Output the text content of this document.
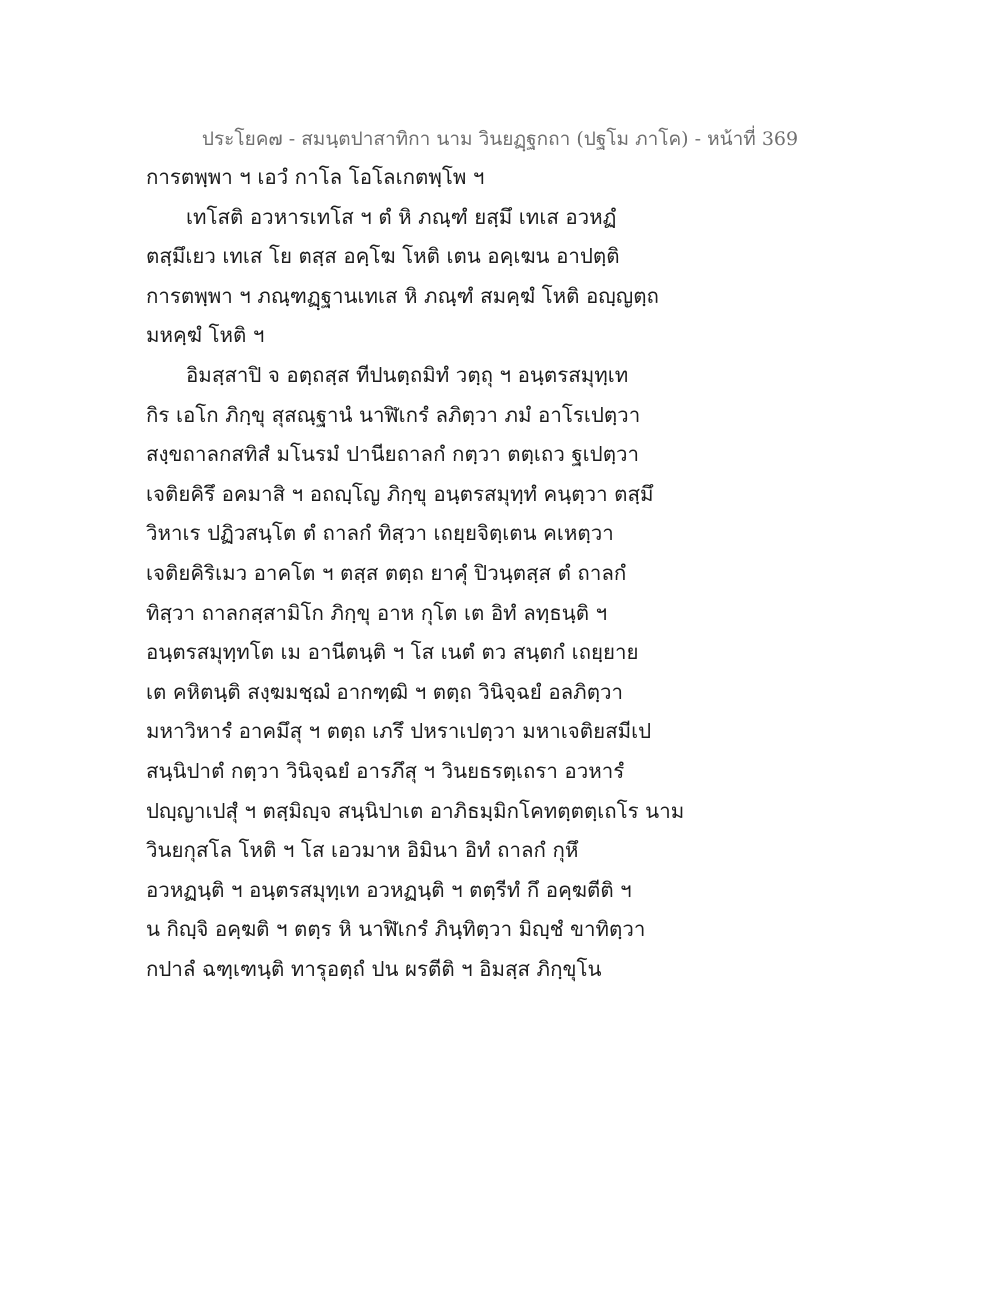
ประโยค๗ - สมนฺตปาสาทิกา นาม วินยฏฺฐกถา (ปฐโม ภาโค) - หน้าที่ 369
การตพฺพา ฯ เอวํ กาโล โอโลเกตพฺโพ ฯ
เทโสติ อวหารเทโส ฯ ตํ หิ ภณฺฑํ ยสฺมึ เทเส อวหฏํ
ตสฺมึเยว เทเส โย ตสฺส อคฺโฆ โหติ เตน อคฺเฆน อาปตฺติ
การตพฺพา ฯ ภณฺฑฏฺฐานเทเส หิ ภณฺฑํ สมคฺฆํ โหติ อญฺญตฺถ
มหคฺฆํ โหติ ฯ
อิมสฺสาปิ จ อตฺถสฺส ทีปนตฺถมิทํ วตฺถุ ฯ อนฺตรสมุทฺเท
กิร เอโก ภิกฺขุ สุสณฺฐานํ นาฬิเกรํ ลภิตฺวา ภมํ อาโรเปตฺวา
สงฺขถาลกสทิสํ มโนรมํ ปานียถาลกํ กตฺวา ตตฺเถว ฐเปตฺวา
เจติยคิรึ อคมาสิ ฯ อถญฺโญ ภิกฺขุ อนฺตรสมุทฺทํ คนฺตฺวา ตสฺมึ
วิหาเร ปฏิวสนฺโต ตํ ถาลกํ ทิสฺวา เถยฺยจิตฺเตน คเหตฺวา
เจติยคิริเมว อาคโต ฯ ตสฺส ตตฺถ ยาคุํ ปิวนฺตสฺส ตํ ถาลกํ
ทิสฺวา ถาลกสฺสามิโก ภิกฺขุ อาห กุโต เต อิทํ ลทฺธนฺติ ฯ
อนฺตรสมุทฺทโต เม อานีตนฺติ ฯ โส เนตํ ตว สนฺตกํ เถยฺยาย
เต คหิตนฺติ สงฺฆมชฺฌํ อากฑฺฒิ ฯ ตตฺถ วินิจฺฉยํ อลภิตฺวา
มหาวิหารํ อาคมึสุ ฯ ตตฺถ เภรึ ปหราเปตฺวา มหาเจติยสมีเป
สนฺนิปาตํ กตฺวา วินิจฺฉยํ อารภึสุ ฯ วินยธรตฺเถรา อวหารํ
ปญฺญาเปสุํ ฯ ตสฺมิญฺจ สนฺนิปาเต อาภิธมฺมิกโคทตฺตตฺเถโร นาม
วินยกุสโล โหติ ฯ โส เอวมาห อิมินา อิทํ ถาลกํ กุหึ
อวหฏนฺติ ฯ อนฺตรสมุทฺเท อวหฏนฺติ ฯ ตตฺรีทํ กึ อคฺฆตีติ ฯ
น กิญฺจิ อคฺฆติ ฯ ตตฺร หิ นาฬิเกรํ ภินฺทิตฺวา มิญฺชํ ขาทิตฺวา
กปาลํ ฉฑฺเฑนฺติ ทารุอตฺถํ ปน ผรตีติ ฯ อิมสฺส ภิกฺขุโน
